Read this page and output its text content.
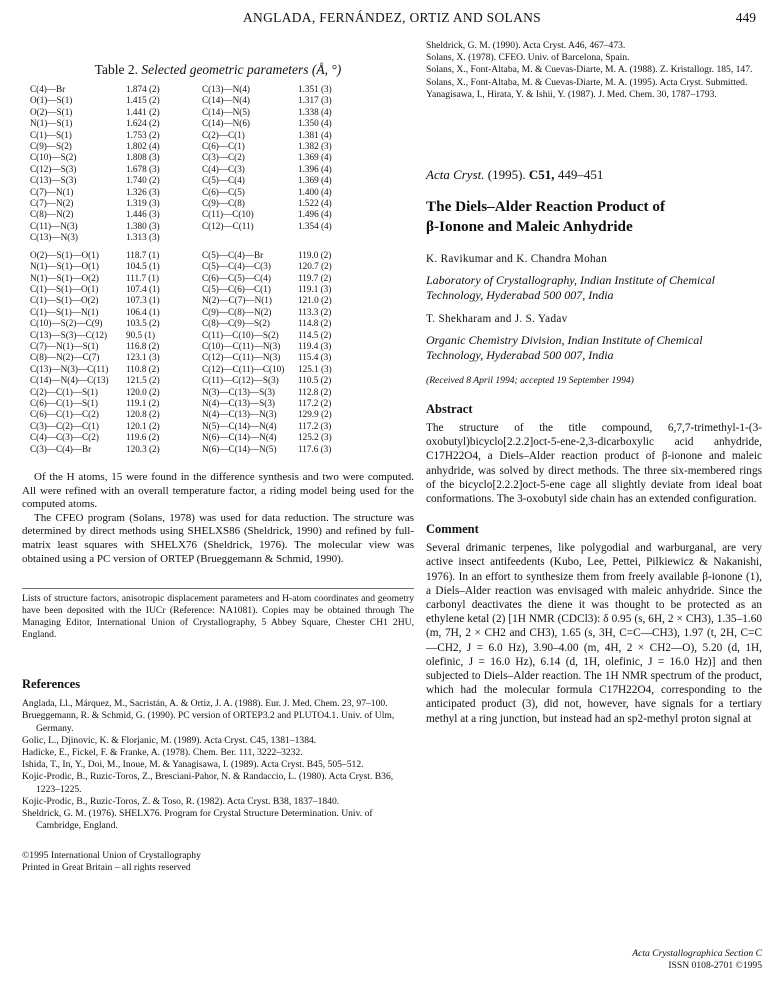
ANGLADA, FERNÁNDEZ, ORTIZ AND SOLANS	449
Table 2. Selected geometric parameters (Å, °)
C(4)—Br
O(1)—S(1)
O(2)—S(1)
N(1)—S(1)
C(1)—S(1)
C(9)—S(2)
C(10)—S(2)
C(12)—S(3)
C(13)—S(3)
C(7)—N(1)
C(7)—N(2)
C(8)—N(2)
C(11)—N(3)
C(13)—N(3)
1.874 (2)
1.415 (2)
1.441 (2)
1.624 (2)
1.753 (2)
1.802 (4)
1.808 (3)
1.678 (3)
1.740 (2)
1.326 (3)
1.319 (3)
1.446 (3)
1.380 (3)
1.313 (3)
C(13)—N(4)
C(14)—N(4)
C(14)—N(5)
C(14)—N(6)
C(2)—C(1)
C(6)—C(1)
C(3)—C(2)
C(4)—C(3)
C(5)—C(4)
C(6)—C(5)
C(9)—C(8)
C(11)—C(10)
C(12)—C(11)
1.351 (3)
1.317 (3)
1.338 (4)
1.350 (4)
1.381 (4)
1.382 (3)
1.369 (4)
1.396 (4)
1.369 (4)
1.400 (4)
1.522 (4)
1.496 (4)
1.354 (4)
O(2)—S(1)—O(1)
N(1)—S(1)—O(1)
N(1)—S(1)—O(2)
C(1)—S(1)—O(1)
C(1)—S(1)—O(2)
C(1)—S(1)—N(1)
C(10)—S(2)—C(9)
C(13)—S(3)—C(12)
C(7)—N(1)—S(1)
C(8)—N(2)—C(7)
C(13)—N(3)—C(11)
C(14)—N(4)—C(13)
C(2)—C(1)—S(1)
C(6)—C(1)—S(1)
C(6)—C(1)—C(2)
C(3)—C(2)—C(1)
C(4)—C(3)—C(2)
C(3)—C(4)—Br
118.7 (1)
104.5 (1)
111.7 (1)
107.4 (1)
107.3 (1)
106.4 (1)
103.5 (2)
90.5 (1)
116.8 (2)
123.1 (3)
110.8 (2)
121.5 (2)
120.0 (2)
119.1 (2)
120.8 (2)
120.1 (2)
119.6 (2)
120.3 (2)
C(5)—C(4)—Br
C(5)—C(4)—C(3)
C(6)—C(5)—C(4)
C(5)—C(6)—C(1)
N(2)—C(7)—N(1)
C(9)—C(8)—N(2)
C(8)—C(9)—S(2)
C(11)—C(10)—S(2)
C(10)—C(11)—N(3)
C(12)—C(11)—N(3)
C(12)—C(11)—C(10)
C(11)—C(12)—S(3)
N(3)—C(13)—S(3)
N(4)—C(13)—S(3)
N(4)—C(13)—N(3)
N(5)—C(14)—N(4)
N(6)—C(14)—N(4)
N(6)—C(14)—N(5)
119.0 (2)
120.7 (2)
119.7 (2)
119.1 (3)
121.0 (2)
113.3 (2)
114.8 (2)
114.5 (2)
119.4 (3)
115.4 (3)
125.1 (3)
110.5 (2)
112.8 (2)
117.2 (2)
129.9 (2)
117.2 (3)
125.2 (3)
117.6 (3)

Of the H atoms, 15 were found in the difference synthesis and two were computed. All were refined with an overall temperature factor, a riding model being used for the computed atoms.

The CFEO program (Solans, 1978) was used for data reduction. The structure was determined by direct methods using SHELXS86 (Sheldrick, 1990) and refined by full-matrix least squares with SHELX76 (Sheldrick, 1976). The molecular view was obtained using a PC version of ORTEP (Brueggemann & Schmid, 1990).

Lists of structure factors, anisotropic displacement parameters and H-atom coordinates and geometry have been deposited with the IUCr (Reference: NA1081). Copies may be obtained through The Managing Editor, International Union of Crystallography, 5 Abbey Square, Chester CH1 2HU, England.
References

Anglada, Ll., Márquez, M., Sacristán, A. & Ortiz, J. A. (1988). Eur. J. Med. Chem. 23, 97–100.

Brueggemann, R. & Schmid, G. (1990). PC version of ORTEP3.2 and PLUTO4.1. Univ. of Ulm, Germany.

Golic, L., Djinovic, K. & Florjanic, M. (1989). Acta Cryst. C45, 1381–1384.

Hadicke, E., Fickel, F. & Franke, A. (1978). Chem. Ber. 111, 3222–3232.

Ishida, T., In, Y., Doi, M., Inoue, M. & Yanagisawa, I. (1989). Acta Cryst. B45, 505–512.

Kojic-Prodic, B., Ruzic-Toros, Z., Bresciani-Pahor, N. & Randaccio, L. (1980). Acta Cryst. B36, 1223–1225.

Kojic-Prodic, B., Ruzic-Toros, Z. & Toso, R. (1982). Acta Cryst. B38, 1837–1840.

Sheldrick, G. M. (1976). SHELX76. Program for Crystal Structure Determination. Univ. of Cambridge, England.

©1995 International Union of Crystallography
Printed in Great Britain – all rights reserved

Sheldrick, G. M. (1990). Acta Cryst. A46, 467–473.

Solans, X. (1978). CFEO. Univ. of Barcelona, Spain.

Solans, X., Font-Altaba, M. & Cuevas-Diarte, M. A. (1988). Z. Kristallogr. 185, 147.

Solans, X., Font-Altaba, M. & Cuevas-Diarte, M. A. (1995). Acta Cryst. Submitted.

Yanagisawa, I., Hirata, Y. & Ishii, Y. (1987). J. Med. Chem. 30, 1787–1793.

Acta Cryst. (1995). C51, 449–451
The Diels–Alder Reaction Product of
β-Ionone and Maleic Anhydride
K. Ravikumar and K. Chandra Mohan
Laboratory of Crystallography, Indian Institute of Chemical Technology, Hyderabad 500 007, India
T. Shekharam and J. S. Yadav
Organic Chemistry Division, Indian Institute of Chemical Technology, Hyderabad 500 007, India
(Received 8 April 1994; accepted 19 September 1994)
Abstract

The structure of the title compound, 6,7,7-trimethyl-1-(3-oxobutyl)bicyclo[2.2.2]oct-5-ene-2,3-dicarboxylic acid anhydride, C17H22O4, a Diels–Alder reaction product of β-ionone and maleic anhydride, was solved by direct methods. The three six-membered rings of the bicyclo[2.2.2]oct-5-ene cage all slightly deviate from ideal boat conformations. The 3-oxobutyl side chain has an extended configuration.

Comment

Several drimanic terpenes, like polygodial and warburganal, are very active insect antifeedents (Kubo, Lee, Pettei, Pilkiewicz & Nakanishi, 1976). In an effort to synthesize them from freely available β-ionone (1), a Diels–Alder reaction was envisaged with maleic anhydride. Since the carbonyl deactivates the diene it was thought to be protected as an ethylene ketal (2) [1H NMR (CDCl3): δ 0.95 (s, 6H, 2 × CH3), 1.35–1.60 (m, 7H, 2 × CH2 and CH3), 1.65 (s, 3H, C=C—CH3), 1.97 (t, 2H, C=C—CH2, J = 6.0 Hz), 3.90–4.00 (m, 4H, 2 × CH2—O), 5.20 (d, 1H, olefinic, J = 16.0 Hz), 6.14 (d, 1H, olefinic, J = 16.0 Hz)] and then subjected to Diels–Alder reaction. The 1H NMR spectrum of the product, which had the molecular formula C17H22O4, corresponding to the anticipated product (3), did not, however, have signals for a tertiary methyl at a ring junction, but instead had an sp2-methyl proton signal at

Acta Crystallographica Section C
ISSN 0108-2701 ©1995
